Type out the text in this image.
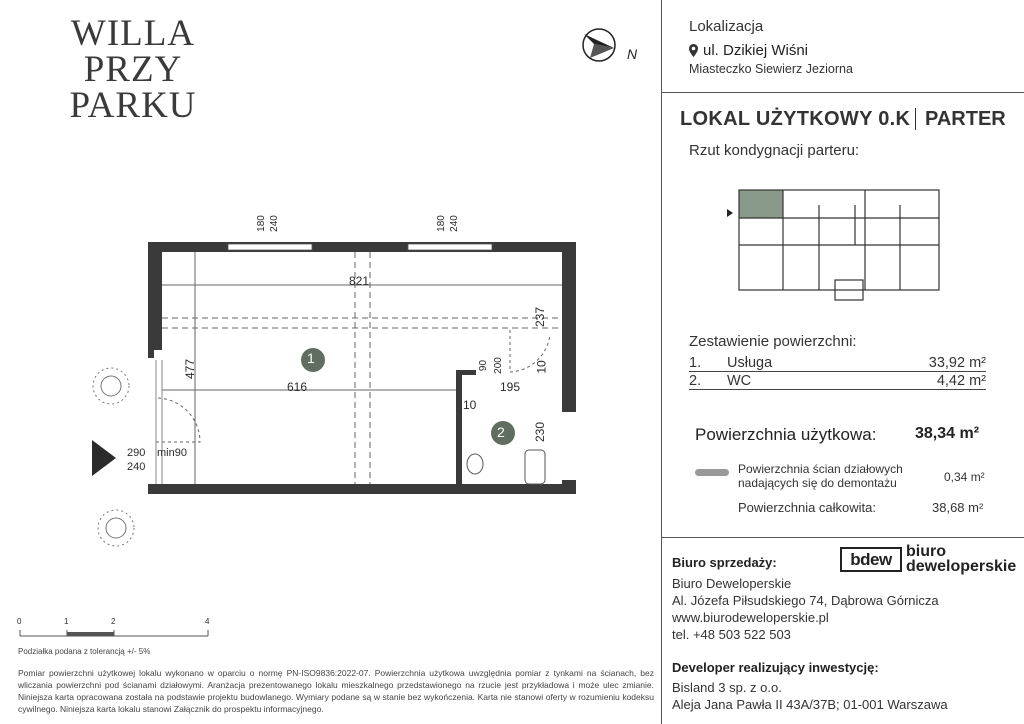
WILLA
PRZY PARKU
N
1
2
180 240	180 240
821
616
477
195
237
10
10
230
90 200
290
240
min90
0	1	2	4
Podziałka podana z tolerancją +/- 5%
Pomiar powierzchni użytkowej lokalu wykonano w oparciu o normę PN-ISO9836:2022-07. Powierzchnia użytkowa uwzględnia pomiar z tynkami na ścianach, bez wliczania powierzchni pod ścianami działowymi. Aranżacja prezentowanego lokalu mieszkalnego przedstawionego na rzucie jest przykładowa i może ulec zmianie. Niniejsza karta opracowana została na podstawie projektu budowlanego. Wymiary podane są w stanie bez wykończenia. Karta nie stanowi oferty w rozumieniu kodeksu cywilnego. Niniejsza karta lokalu stanowi Załącznik do prospektu informacyjnego.
Lokalizacja
ul. Dzikiej Wiśni
Miasteczko Siewierz Jeziorna
LOKAL UŻYTKOWY 0.K PARTER
Rzut kondygnacji parteru:
Zestawienie powierzchni:
1. Usługa	33,92 m²
2. WC	4,42 m²
Powierzchnia użytkowa: 38,34 m²
Powierzchnia ścian działowych nadających się do demontażu	0,34 m²
Powierzchnia całkowita:	38,68 m²
Biuro sprzedaży:	bdew biuro
deweloperskie
Biuro Deweloperskie
Al. Józefa Piłsudskiego 74, Dąbrowa Górnicza
www.biurodeweloperskie.pl
tel. +48 503 522 503
Developer realizujący inwestycję:
Bisland 3 sp. z o.o.
Aleja Jana Pawła II 43A/37B; 01-001 Warszawa
